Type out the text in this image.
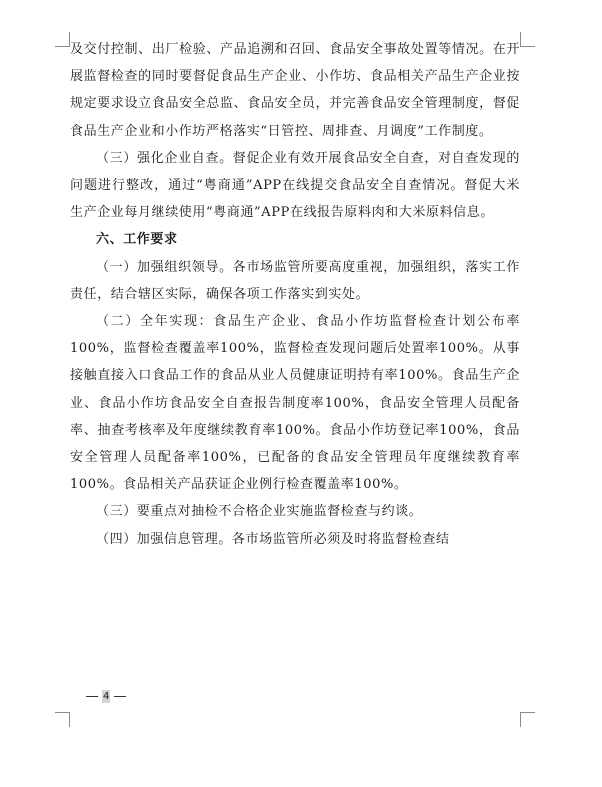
及交付控制、出厂检验、产品追溯和召回、食品安全事故处置等情况。在开展监督检查的同时要督促食品生产企业、小作坊、食品相关产品生产企业按规定要求设立食品安全总监、食品安全员，并完善食品安全管理制度，督促食品生产企业和小作坊严格落实“日管控、周排查、月调度”工作制度。

（三）强化企业自查。督促企业有效开展食品安全自查，对自查发现的问题进行整改，通过“粤商通”APP在线提交食品安全自查情况。督促大米生产企业每月继续使用“粤商通”APP在线报告原料肉和大米原料信息。

六、工作要求

（一）加强组织领导。各市场监管所要高度重视，加强组织，落实工作责任，结合辖区实际，确保各项工作落实到实处。

（二）全年实现：食品生产企业、食品小作坊监督检查计划公布率100%，监督检查覆盖率100%，监督检查发现问题后处置率100%。从事接触直接入口食品工作的食品从业人员健康证明持有率100%。食品生产企业、食品小作坊食品安全自查报告制度率100%，食品安全管理人员配备率、抽查考核率及年度继续教育率100%。食品小作坊登记率100%，食品安全管理人员配备率100%，已配备的食品安全管理员年度继续教育率100%。食品相关产品获证企业例行检查覆盖率100%。

（三）要重点对抽检不合格企业实施监督检查与约谈。

（四）加强信息管理。各市场监管所必须及时将监督检查结

4
